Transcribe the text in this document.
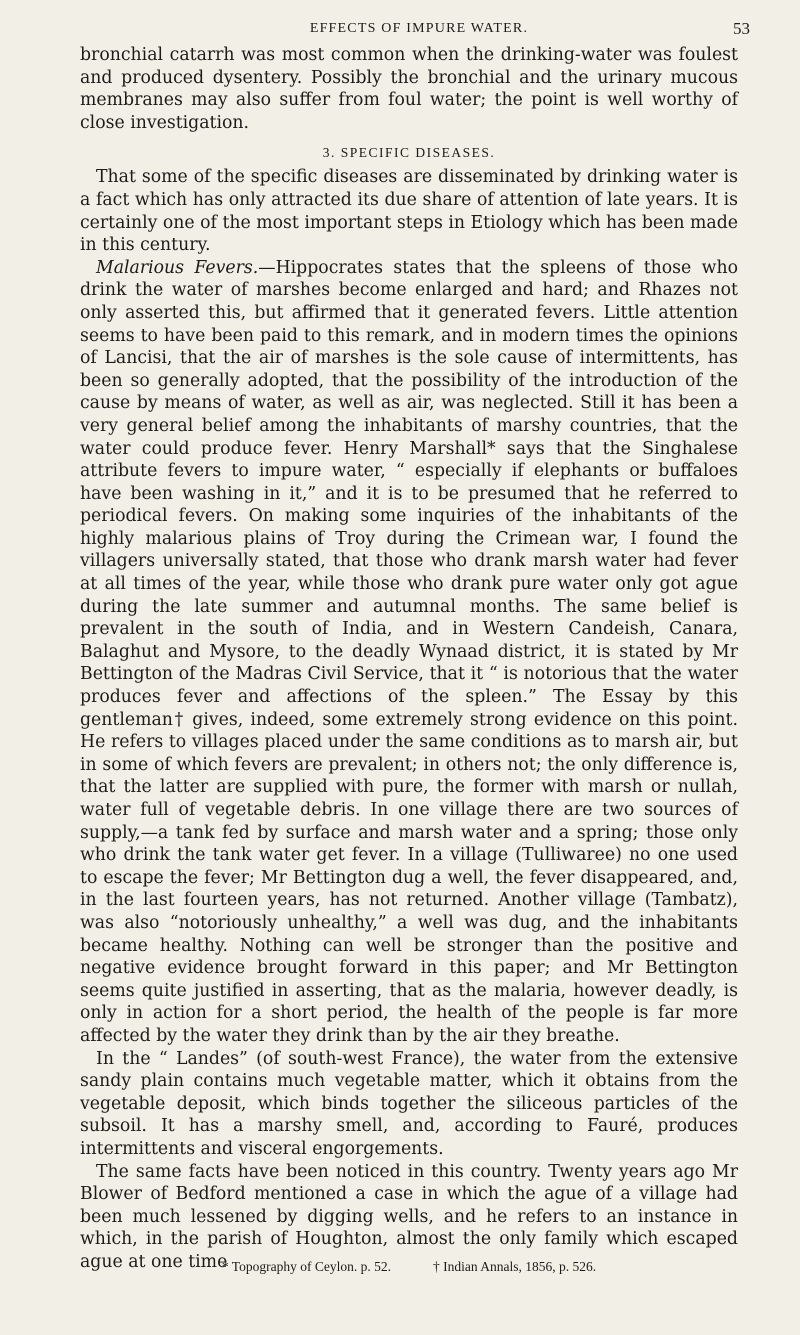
EFFECTS OF IMPURE WATER.	53

bronchial catarrh was most common when the drinking-water was foulest and produced dysentery. Possibly the bronchial and the urinary mucous membranes may also suffer from foul water; the point is well worthy of close investigation.

3. SPECIFIC DISEASES.

That some of the specific diseases are disseminated by drinking water is a fact which has only attracted its due share of attention of late years. It is certainly one of the most important steps in Etiology which has been made in this century.

Malarious Fevers.—Hippocrates states that the spleens of those who drink the water of marshes become enlarged and hard; and Rhazes not only asserted this, but affirmed that it generated fevers. Little attention seems to have been paid to this remark, and in modern times the opinions of Lancisi, that the air of marshes is the sole cause of intermittents, has been so generally adopted, that the possibility of the introduction of the cause by means of water, as well as air, was neglected. Still it has been a very general belief among the inhabitants of marshy countries, that the water could produce fever. Henry Marshall* says that the Singhalese attribute fevers to impure water, “ especially if elephants or buffaloes have been washing in it,” and it is to be presumed that he referred to periodical fevers. On making some inquiries of the inhabitants of the highly malarious plains of Troy during the Crimean war, I found the villagers universally stated, that those who drank marsh water had fever at all times of the year, while those who drank pure water only got ague during the late summer and autumnal months. The same belief is prevalent in the south of India, and in Western Candeish, Canara, Balaghut and Mysore, to the deadly Wynaad district, it is stated by Mr Bettington of the Madras Civil Service, that it “ is notorious that the water produces fever and affections of the spleen.” The Essay by this gentleman† gives, indeed, some extremely strong evidence on this point. He refers to villages placed under the same conditions as to marsh air, but in some of which fevers are prevalent; in others not; the only difference is, that the latter are supplied with pure, the former with marsh or nullah, water full of vegetable debris. In one village there are two sources of supply,—a tank fed by surface and marsh water and a spring; those only who drink the tank water get fever. In a village (Tulliwaree) no one used to escape the fever; Mr Bettington dug a well, the fever disappeared, and, in the last fourteen years, has not returned. Another village (Tambatz), was also “notoriously unhealthy,” a well was dug, and the inhabitants became healthy. Nothing can well be stronger than the positive and negative evidence brought forward in this paper; and Mr Bettington seems quite justified in asserting, that as the malaria, however deadly, is only in action for a short period, the health of the people is far more affected by the water they drink than by the air they breathe.

In the “ Landes” (of south-west France), the water from the extensive sandy plain contains much vegetable matter, which it obtains from the vegetable deposit, which binds together the siliceous particles of the subsoil. It has a marshy smell, and, according to Fauré, produces intermittents and visceral engorgements.

The same facts have been noticed in this country. Twenty years ago Mr Blower of Bedford mentioned a case in which the ague of a village had been much lessened by digging wells, and he refers to an instance in which, in the parish of Houghton, almost the only family which escaped ague at one time

* Topography of Ceylon. p. 52.	† Indian Annals, 1856, p. 526.
